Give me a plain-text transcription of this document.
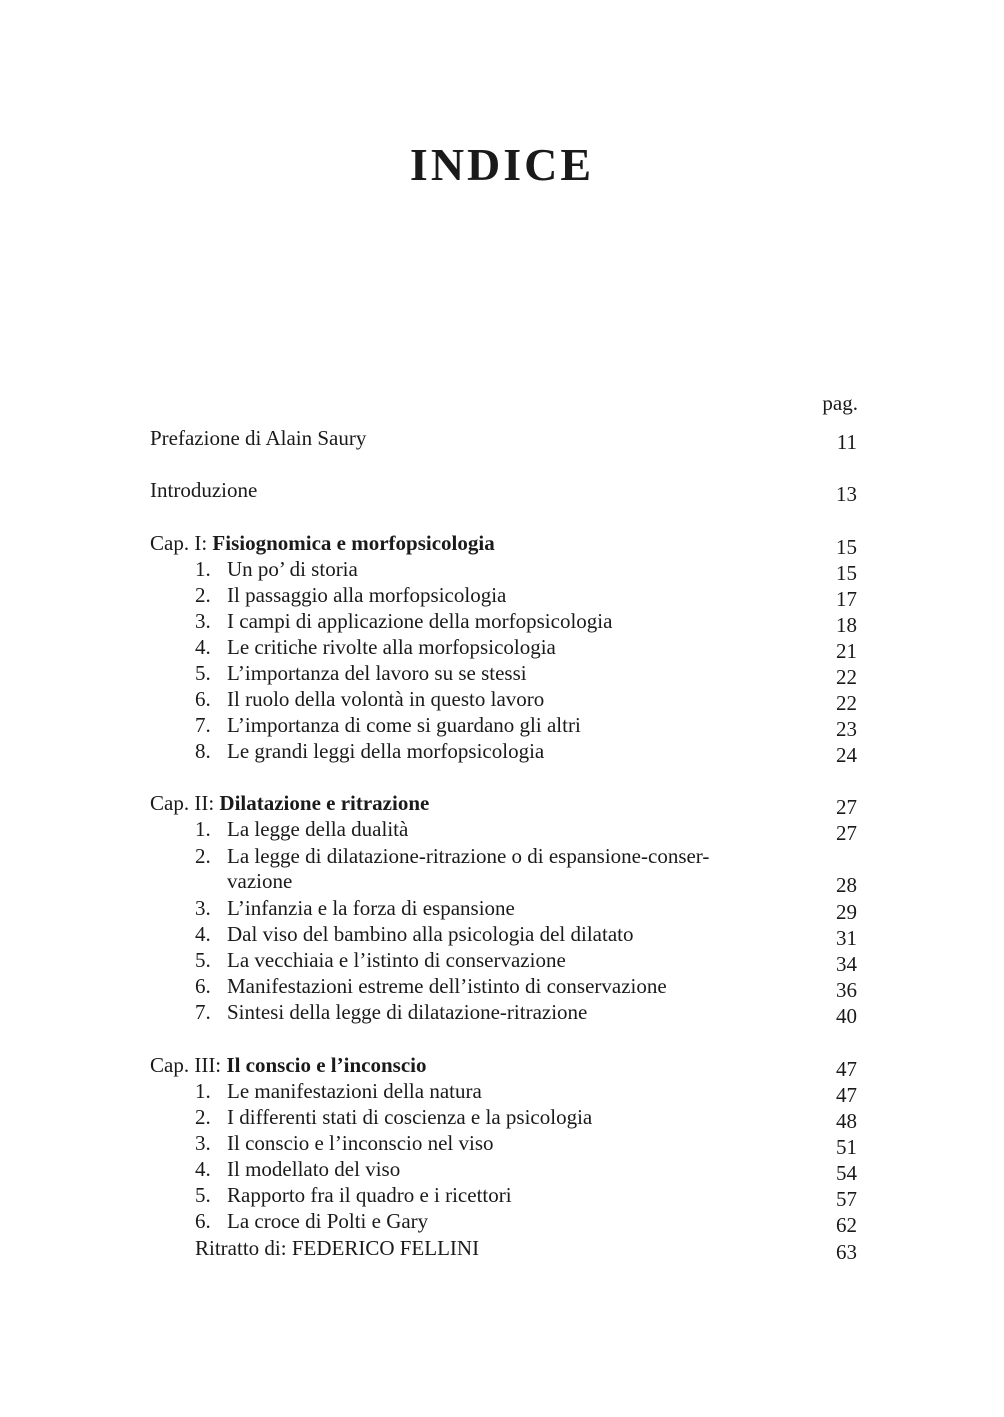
INDICE
pag.
Prefazione di Alain Saury	11
Introduzione	13
Cap. I: Fisiognomica e morfopsicologia	15
1. Un po’ di storia	15
2. Il passaggio alla morfopsicologia	17
3. I campi di applicazione della morfopsicologia	18
4. Le critiche rivolte alla morfopsicologia	21
5. L’importanza del lavoro su se stessi	22
6. Il ruolo della volontà in questo lavoro	22
7. L’importanza di come si guardano gli altri	23
8. Le grandi leggi della morfopsicologia	24
Cap. II: Dilatazione e ritrazione	27
1. La legge della dualità	27
2. La legge di dilatazione-ritrazione o di espansione-conser-
vazione	28
3. L’infanzia e la forza di espansione	29
4. Dal viso del bambino alla psicologia del dilatato	31
5. La vecchiaia e l’istinto di conservazione	34
6. Manifestazioni estreme dell’istinto di conservazione	36
7. Sintesi della legge di dilatazione-ritrazione	40
Cap. III: Il conscio e l’inconscio	47
1. Le manifestazioni della natura	47
2. I differenti stati di coscienza e la psicologia	48
3. Il conscio e l’inconscio nel viso	51
4. Il modellato del viso	54
5. Rapporto fra il quadro e i ricettori	57
6. La croce di Polti e Gary	62
Ritratto di: FEDERICO FELLINI	63
